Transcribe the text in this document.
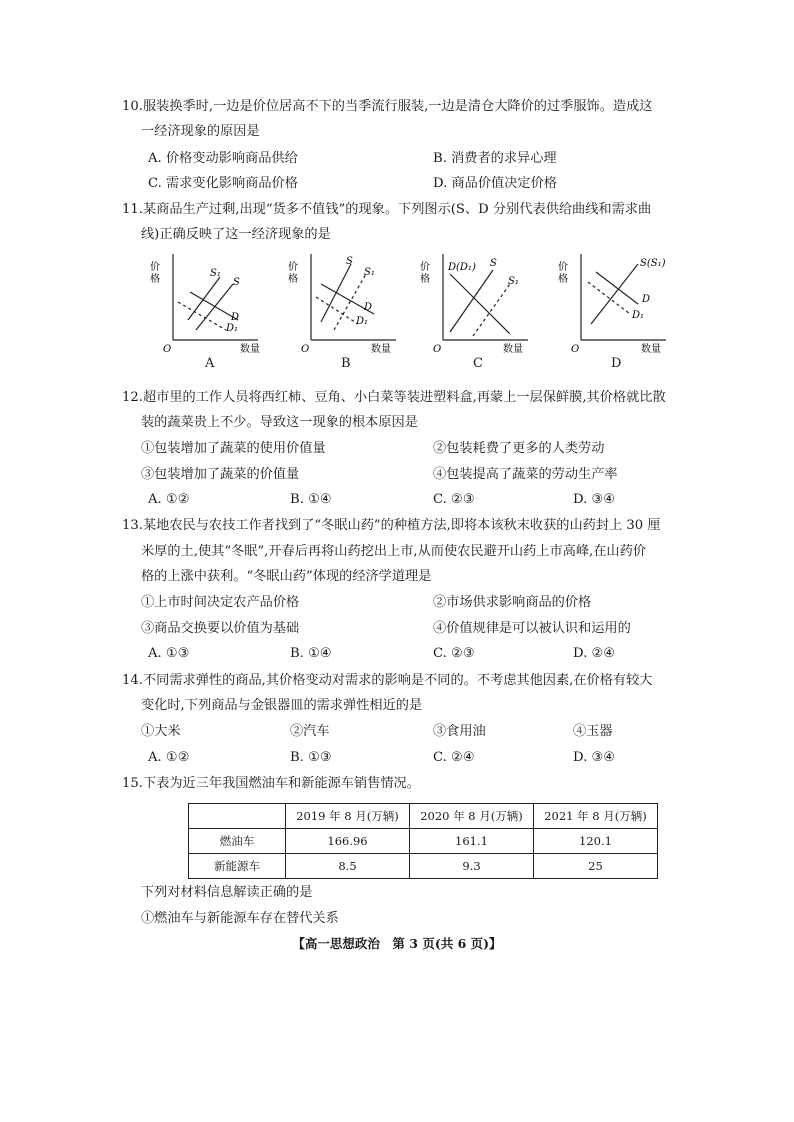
10.服装换季时,一边是价位居高不下的当季流行服装,一边是清仓大降价的过季服饰。造成这
一经济现象的原因是
A. 价格变动影响商品供给	B. 消费者的求异心理
C. 需求变化影响商品价格	D. 商品价值决定价格
11.某商品生产过剩,出现“货多不值钱”的现象。下列图示(S、D 分别代表供给曲线和需求曲
线)正确反映了这一经济现象的是
价
格
O	数量
S₁
S
D
D₁
A
价
格
O	数量
S
S₁
D
D₁
B
价
格
O	数量
D(D₁) S
S₁
C
价
格
O	数量
S(S₁)
D
D₁
D
12.超市里的工作人员将西红柿、豆角、小白菜等装进塑料盒,再蒙上一层保鲜膜,其价格就比散
装的蔬菜贵上不少。导致这一现象的根本原因是
①包装增加了蔬菜的使用价值量	②包装耗费了更多的人类劳动
③包装增加了蔬菜的价值量	④包装提高了蔬菜的劳动生产率
A. ①②	B. ①④	C. ②③	D. ③④
13.某地农民与农技工作者找到了“冬眠山药”的种植方法,即将本该秋末收获的山药封上 30 厘
米厚的土,使其“冬眠”,开春后再将山药挖出上市,从而使农民避开山药上市高峰,在山药价
格的上涨中获利。“冬眠山药”体现的经济学道理是
①上市时间决定农产品价格	②市场供求影响商品的价格
③商品交换要以价值为基础	④价值规律是可以被认识和运用的
A. ①③	B. ①④	C. ②③	D. ②④
14.不同需求弹性的商品,其价格变动对需求的影响是不同的。不考虑其他因素,在价格有较大
变化时,下列商品与金银器皿的需求弹性相近的是
①大米	②汽车	③食用油	④玉器
A. ①②	B. ①③	C. ②④	D. ③④
15.下表为近三年我国燃油车和新能源车销售情况。
	2019 年 8 月(万辆)	2020 年 8 月(万辆)	2021 年 8 月(万辆)
燃油车	166.96	161.1	120.1
新能源车	8.5	9.3	25
下列对材料信息解读正确的是
①燃油车与新能源车存在替代关系
【高一思想政治　第 3 页(共 6 页)】
